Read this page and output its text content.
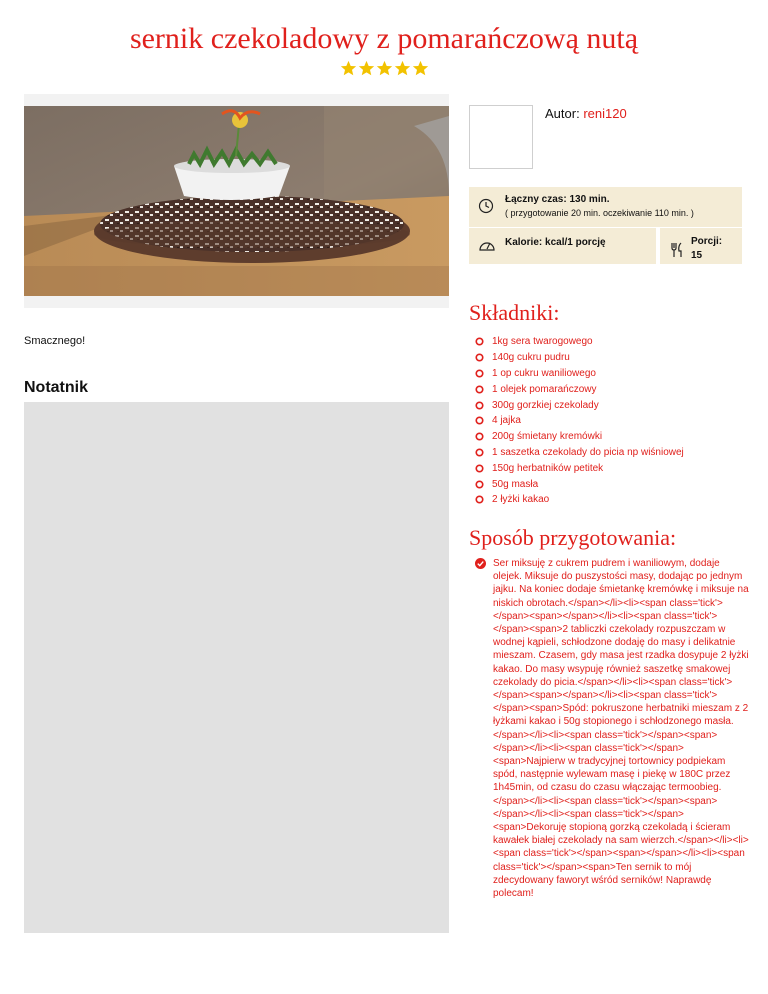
sernik czekoladowy z pomarańczową nutą
Autor: reni120
Łączny czas: 130 min.
( przygotowanie 20 min. oczekiwanie 110 min. )
Kalorie: kcal/1 porcję	Porcji:
15
Składniki:
1kg sera twarogowego
140g cukru pudru
1 op cukru waniliowego
1 olejek pomarańczowy
300g gorzkiej czekolady
4 jajka
200g śmietany kremówki
1 saszetka czekolady do picia np wiśniowej
150g herbatników petitek
50g masła
2 łyżki kakao
Sposób przygotowania:

Ser miksuję z cukrem pudrem i waniliowym, dodaje olejek. Miksuje do puszystości masy, dodając po jednym jajku. Na koniec dodaje śmietankę kremówkę i miksuje na niskich obrotach.</span></li><li><span class='tick'></span><span></span></li><li><span class='tick'></span><span>2 tabliczki czekolady rozpuszczam w wodnej kąpieli, schłodzone dodaję do masy i delikatnie mieszam. Czasem, gdy masa jest rzadka dosypuje 2 łyżki kakao. Do masy wsypuję również saszetkę smakowej czekolady do picia.</span></li><li><span class='tick'></span><span></span></li><li><span class='tick'></span><span>Spód: pokruszone herbatniki mieszam z 2 łyżkami kakao i 50g stopionego i schłodzonego masła.</span></li><li><span class='tick'></span><span></span></li><li><span class='tick'></span><span>Najpierw w tradycyjnej tortownicy podpiekam spód, następnie wylewam masę i piekę w 180C przez 1h45min, od czasu do czasu włączając termoobieg.</span></li><li><span class='tick'></span><span></span></li><li><span class='tick'></span><span>Dekoruję stopioną gorzką czekoladą i ścieram kawałek białej czekolady na sam wierzch.</span></li><li><span class='tick'></span><span></span></li><li><span class='tick'></span><span>Ten sernik to mój zdecydowany faworyt wśród serników! Naprawdę polecam!

Smacznego!

Notatnik
